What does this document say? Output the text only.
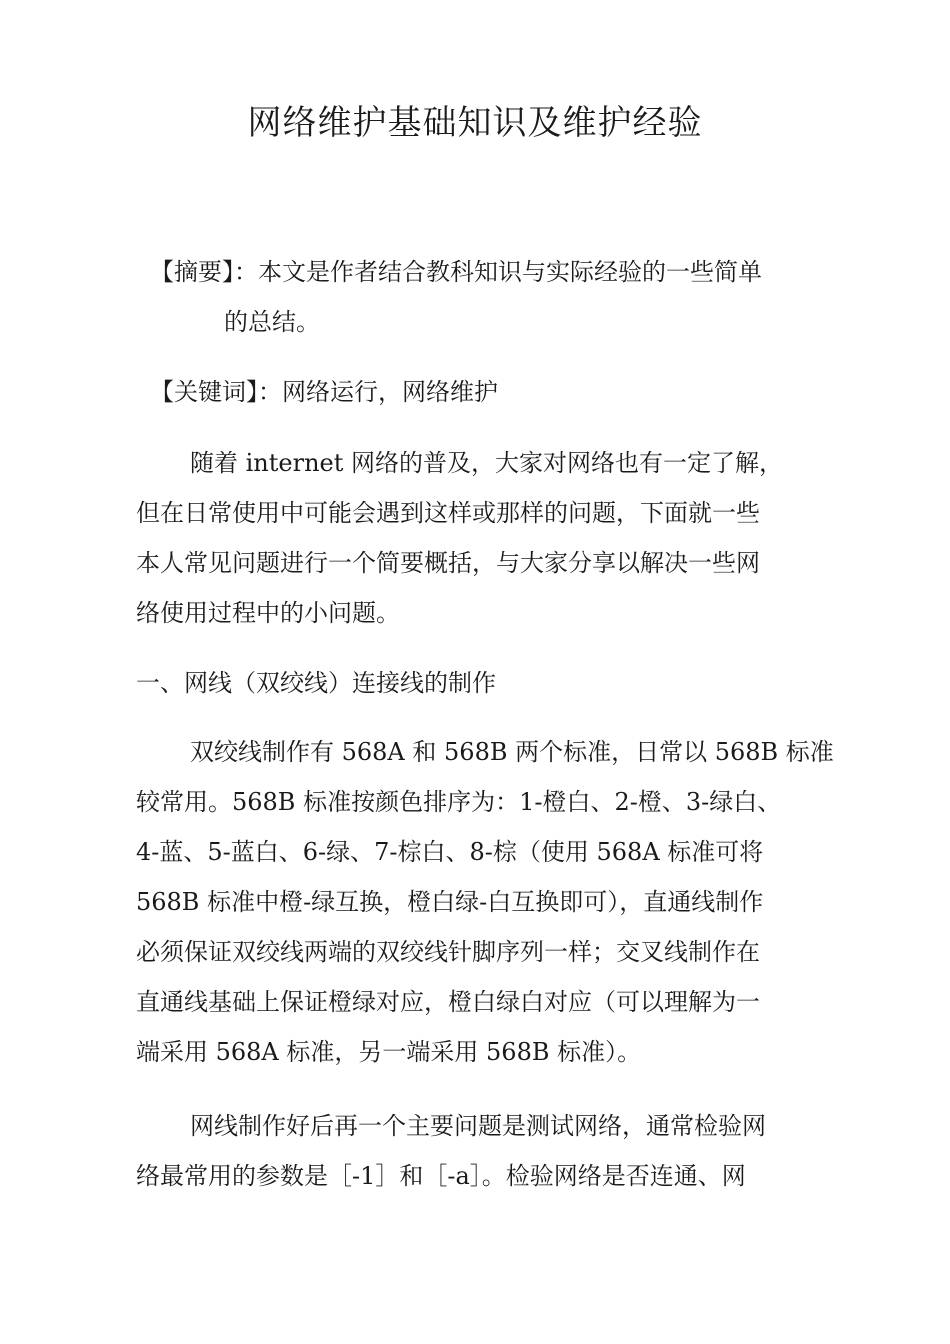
网络维护基础知识及维护经验
【摘要】：本文是作者结合教科知识与实际经验的一些简单
的总结。
【关键词】：网络运行，网络维护
随着 internet 网络的普及，大家对网络也有一定了解，
但在日常使用中可能会遇到这样或那样的问题，下面就一些
本人常见问题进行一个简要概括，与大家分享以解决一些网
络使用过程中的小问题。
一、网线（双绞线）连接线的制作
双绞线制作有 568A 和 568B 两个标准，日常以 568B 标准
较常用。568B 标准按颜色排序为：1-橙白、2-橙、3-绿白、
4-蓝、5-蓝白、6-绿、7-棕白、8-棕（使用 568A 标准可将
568B 标准中橙-绿互换，橙白绿-白互换即可），直通线制作
必须保证双绞线两端的双绞线针脚序列一样；交叉线制作在
直通线基础上保证橙绿对应，橙白绿白对应（可以理解为一
端采用 568A 标准，另一端采用 568B 标准）。
网线制作好后再一个主要问题是测试网络，通常检验网
络最常用的参数是［-1］和［-a］。检验网络是否连通、网
